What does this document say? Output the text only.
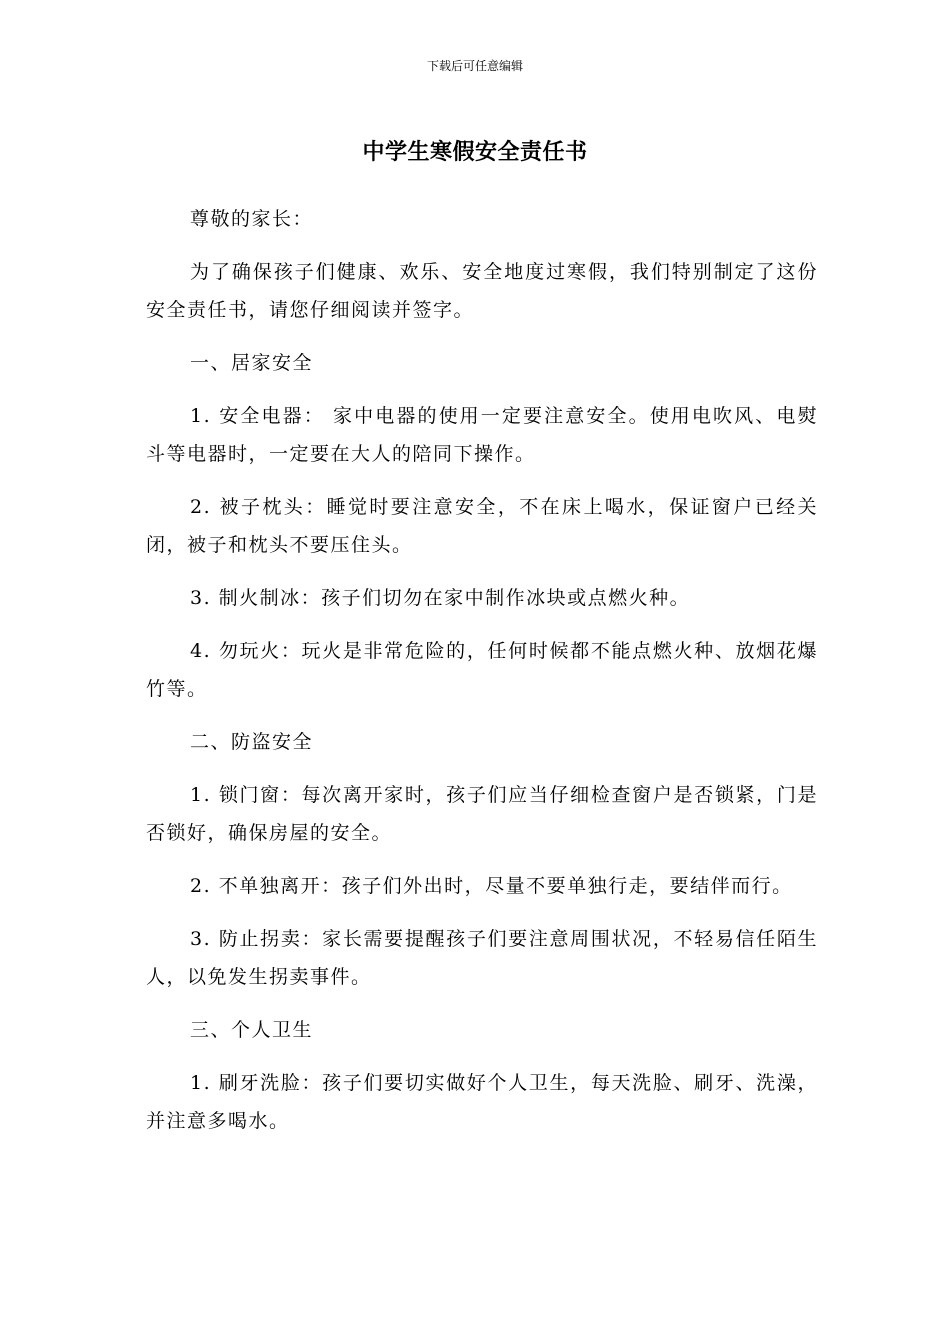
下载后可任意编辑
中学生寒假安全责任书

尊敬的家长：

为了确保孩子们健康、欢乐、安全地度过寒假，我们特别制定了这份安全责任书，请您仔细阅读并签字。

一、居家安全

1. 安全电器： 家中电器的使用一定要注意安全。使用电吹风、电熨斗等电器时，一定要在大人的陪同下操作。

2. 被子枕头：睡觉时要注意安全，不在床上喝水，保证窗户已经关闭，被子和枕头不要压住头。

3. 制火制冰：孩子们切勿在家中制作冰块或点燃火种。

4. 勿玩火：玩火是非常危险的，任何时候都不能点燃火种、放烟花爆竹等。

二、防盗安全

1. 锁门窗：每次离开家时，孩子们应当仔细检查窗户是否锁紧，门是否锁好，确保房屋的安全。

2. 不单独离开：孩子们外出时，尽量不要单独行走，要结伴而行。

3. 防止拐卖：家长需要提醒孩子们要注意周围状况，不轻易信任陌生人，以免发生拐卖事件。

三、个人卫生

1. 刷牙洗脸：孩子们要切实做好个人卫生，每天洗脸、刷牙、洗澡，并注意多喝水。
